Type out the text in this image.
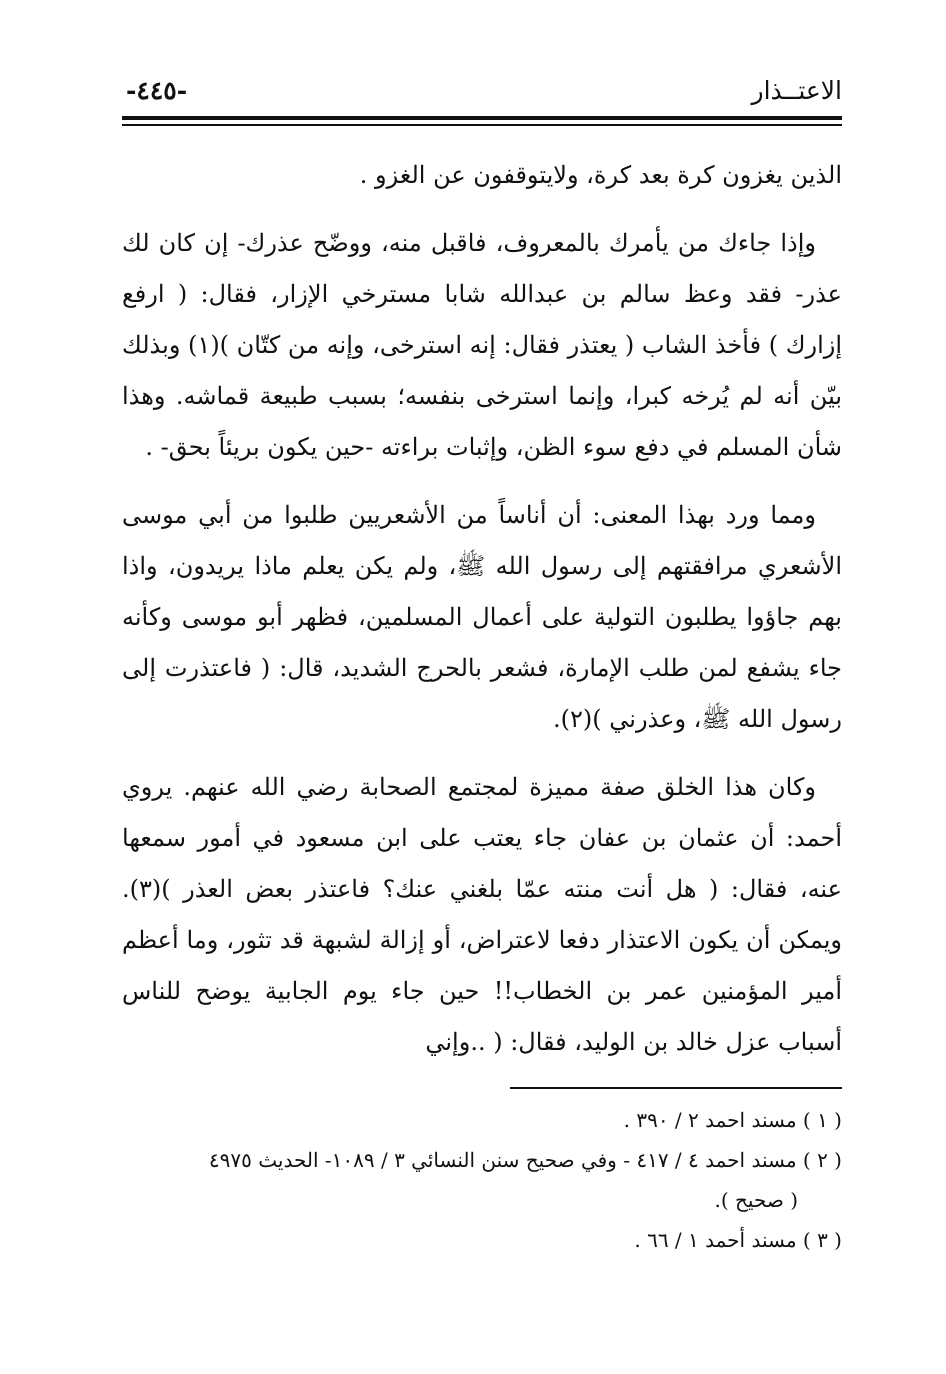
الاعتــذار
-٤٤٥-

الذين يغزون كرة بعد كرة، ولايتوقفون عن الغزو .

وإذا جاءك من يأمرك بالمعروف، فاقبل منه، ووضّح عذرك- إن كان لك عذر- فقد وعظ سالم بن عبدالله شابا مسترخي الإزار، فقال: ( ارفع إزارك ) فأخذ الشاب ( يعتذر فقال: إنه استرخى، وإنه من كتّان )(١) وبذلك بيّن أنه لم يُرخه كبرا، وإنما استرخى بنفسه؛ بسبب طبيعة قماشه. وهذا شأن المسلم في دفع سوء الظن، وإثبات براءته -حين يكون بريئاً بحق- .

ومما ورد بهذا المعنى: أن أناساً من الأشعريين طلبوا من أبي موسى الأشعري مرافقتهم إلى رسول الله ﷺ، ولم يكن يعلم ماذا يريدون، واذا بهم جاؤوا يطلبون التولية على أعمال المسلمين، فظهر أبو موسى وكأنه جاء يشفع لمن طلب الإمارة، فشعر بالحرج الشديد، قال: ( فاعتذرت إلى رسول الله ﷺ، وعذرني )(٢).

وكان هذا الخلق صفة مميزة لمجتمع الصحابة رضي الله عنهم. يروي أحمد: أن عثمان بن عفان جاء يعتب على ابن مسعود في أمور سمعها عنه، فقال: ( هل أنت منته عمّا بلغني عنك؟ فاعتذر بعض العذر )(٣). ويمكن أن يكون الاعتذار دفعا لاعتراض، أو إزالة لشبهة قد تثور، وما أعظم أمير المؤمنين عمر بن الخطاب!! حين جاء يوم الجابية يوضح للناس أسباب عزل خالد بن الوليد، فقال: ( ..وإني

( ١ ) مسند احمد ٢ / ٣٩٠ .

( ٢ ) مسند احمد ٤ / ٤١٧ - وفي صحيح سنن النسائي ٣ / ١٠٨٩- الحديث ٤٩٧٥

( صحيح ).

( ٣ ) مسند أحمد ١ / ٦٦ .
